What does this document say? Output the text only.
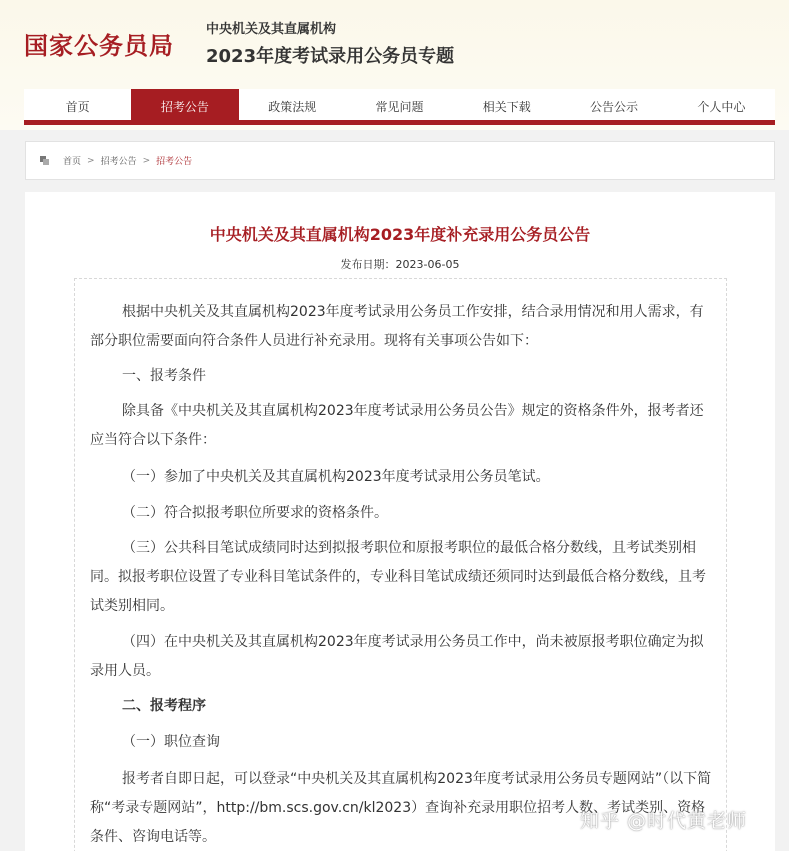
国家公务员局
中央机关及其直属机构
2023年度考试录用公务员专题
首页	招考公告	政策法规	常见问题	相关下载	公告公示	个人中心
首页 > 招考公告 > 招考公告
中央机关及其直属机构2023年度补充录用公务员公告
发布日期：2023-06-05

根据中央机关及其直属机构2023年度考试录用公务员工作安排，结合录用情况和用人需求，有部分职位需要面向符合条件人员进行补充录用。现将有关事项公告如下：

一、报考条件

除具备《中央机关及其直属机构2023年度考试录用公务员公告》规定的资格条件外，报考者还应当符合以下条件：

（一）参加了中央机关及其直属机构2023年度考试录用公务员笔试。

（二）符合拟报考职位所要求的资格条件。

（三）公共科目笔试成绩同时达到拟报考职位和原报考职位的最低合格分数线，且考试类别相同。拟报考职位设置了专业科目笔试条件的，专业科目笔试成绩还须同时达到最低合格分数线，且考试类别相同。

（四）在中央机关及其直属机构2023年度考试录用公务员工作中，尚未被原报考职位确定为拟录用人员。

二、报考程序

（一）职位查询

报考者自即日起，可以登录“中央机关及其直属机构2023年度考试录用公务员专题网站”（以下简称“考录专题网站”，http://bm.scs.gov.cn/kl2023）查询补充录用职位招考人数、考试类别、资格条件、咨询电话等。

知乎 @时代黄老师
